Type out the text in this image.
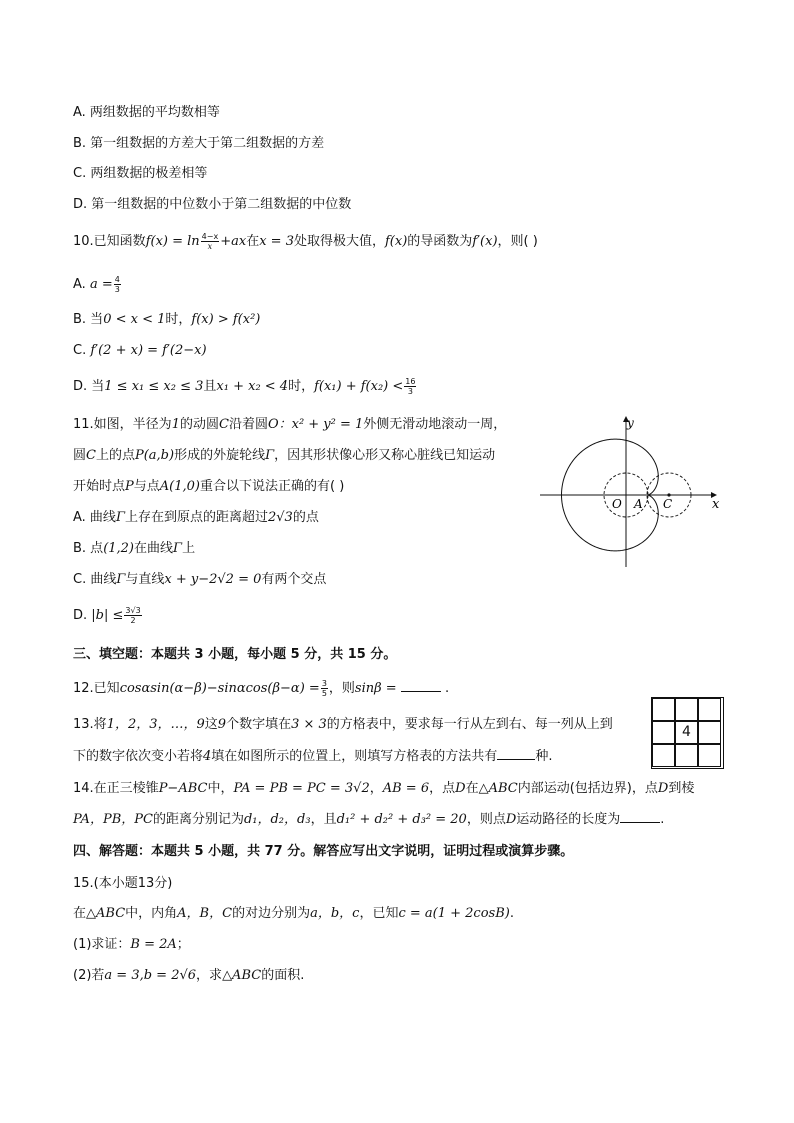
A. 两组数据的平均数相等
B. 第一组数据的方差大于第二组数据的方差
C. 两组数据的极差相等
D. 第一组数据的中位数小于第二组数据的中位数
10.已知函数$f(x) = \ln \frac{4-x}{x} +ax$在x = 3处取得极大值，f(x)的导函数为f′(x)，则( )
A. $a = \frac{4}{3}$
B. 当0 < x < 1时，f(x) > f(x²)
C. f′(2 + x) = f′(2−x)
D. 当1 ≤ x₁ ≤ x₂ ≤ 3且x₁ + x₂ < 4时，$f(x_1) + f(x_2) < \frac{16}{3}$
11.如图，半径为1的动圆C沿着圆O：x² + y² = 1外侧无滑动地滚动一周，
圆C上的点P(a,b)形成的外旋轮线Γ，因其形状像心形又称心脏线已知运动
开始时点P与点A(1,0)重合以下说法正确的有( )
A. 曲线Γ上存在到原点的距离超过2√3的点
B. 点(1,2)在曲线Γ上
C. 曲线Γ与直线x + y−2√2 = 0有两个交点
D. $|b| \le \frac{3√3}{2}$
y
x
O A C
三、填空题：本题共 3 小题，每小题 5 分，共 15 分。
12.已知$\cos\alpha\sin(\alpha-\beta)-\sin\alpha\cos(\beta-\alpha) = \frac{3}{5}$ ，则sinβ =	.
13.将1，2，3，…，9这9个数字填在3 × 3的方格表中，要求每一行从左到右、每一列从上到
下的数字依次变小若将4填在如图所示的位置上，则填写方格表的方法共有	种.
4
14.在正三棱锥P−ABC中，PA = PB = PC = 3√2，AB = 6，点D在△ABC内部运动(包括边界)，点D到棱
PA，PB，PC的距离分别记为d₁，d₂，d₃，且d₁² + d₂² + d₃² = 20，则点D运动路径的长度为	.
四、解答题：本题共 5 小题，共 77 分。解答应写出文字说明，证明过程或演算步骤。
15.(本小题13分)
在△ABC中，内角A，B，C的对边分别为a，b，c，已知c = a(1 + 2cosB).
(1)求证：B = 2A；
(2)若a = 3,b = 2√6，求△ABC的面积.
